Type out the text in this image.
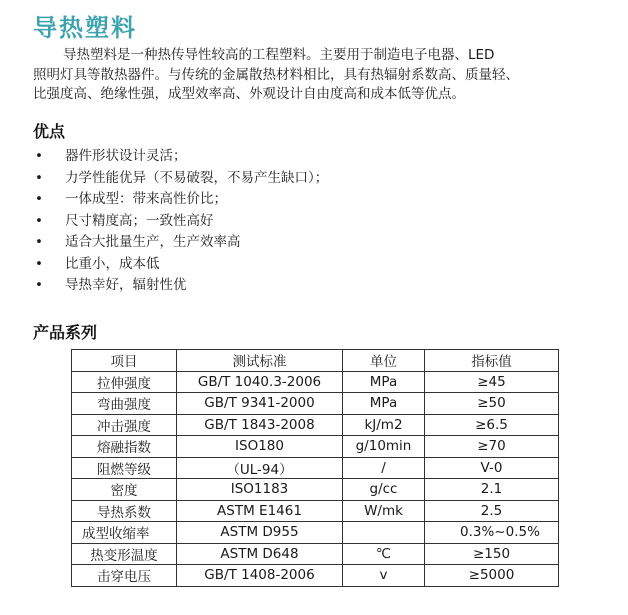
导热塑料

导热塑料是一种热传导性较高的工程塑料。主要用于制造电子电器、LED

照明灯具等散热器件。与传统的金属散热材料相比，具有热辐射系数高、质量轻、

比强度高、绝缘性强，成型效率高、外观设计自由度高和成本低等优点。

优点
• 器件形状设计灵活；
• 力学性能优异（不易破裂，不易产生缺口）；
• 一体成型：带来高性价比；
• 尺寸精度高；一致性高好
• 适合大批量生产，生产效率高
• 比重小，成本低
• 导热幸好，辐射性优
产品系列
项目	测试标准	单位	指标值
拉伸强度	GB/T 1040.3-2006	MPa	≥45
弯曲强度	GB/T 9341-2000	MPa	≥50
冲击强度	GB/T 1843-2008	kJ/m2	≥6.5
熔融指数	ISO180	g/10min	≥70
阻燃等级	（UL-94）	/	V-0
密度	ISO1183	g/cc	2.1
导热系数	ASTM E1461	W/mk	2.5
成型收缩率	ASTM D955		0.3%~0.5%
热变形温度	ASTM D648	℃	≥150
击穿电压	GB/T 1408-2006	v	≥5000
